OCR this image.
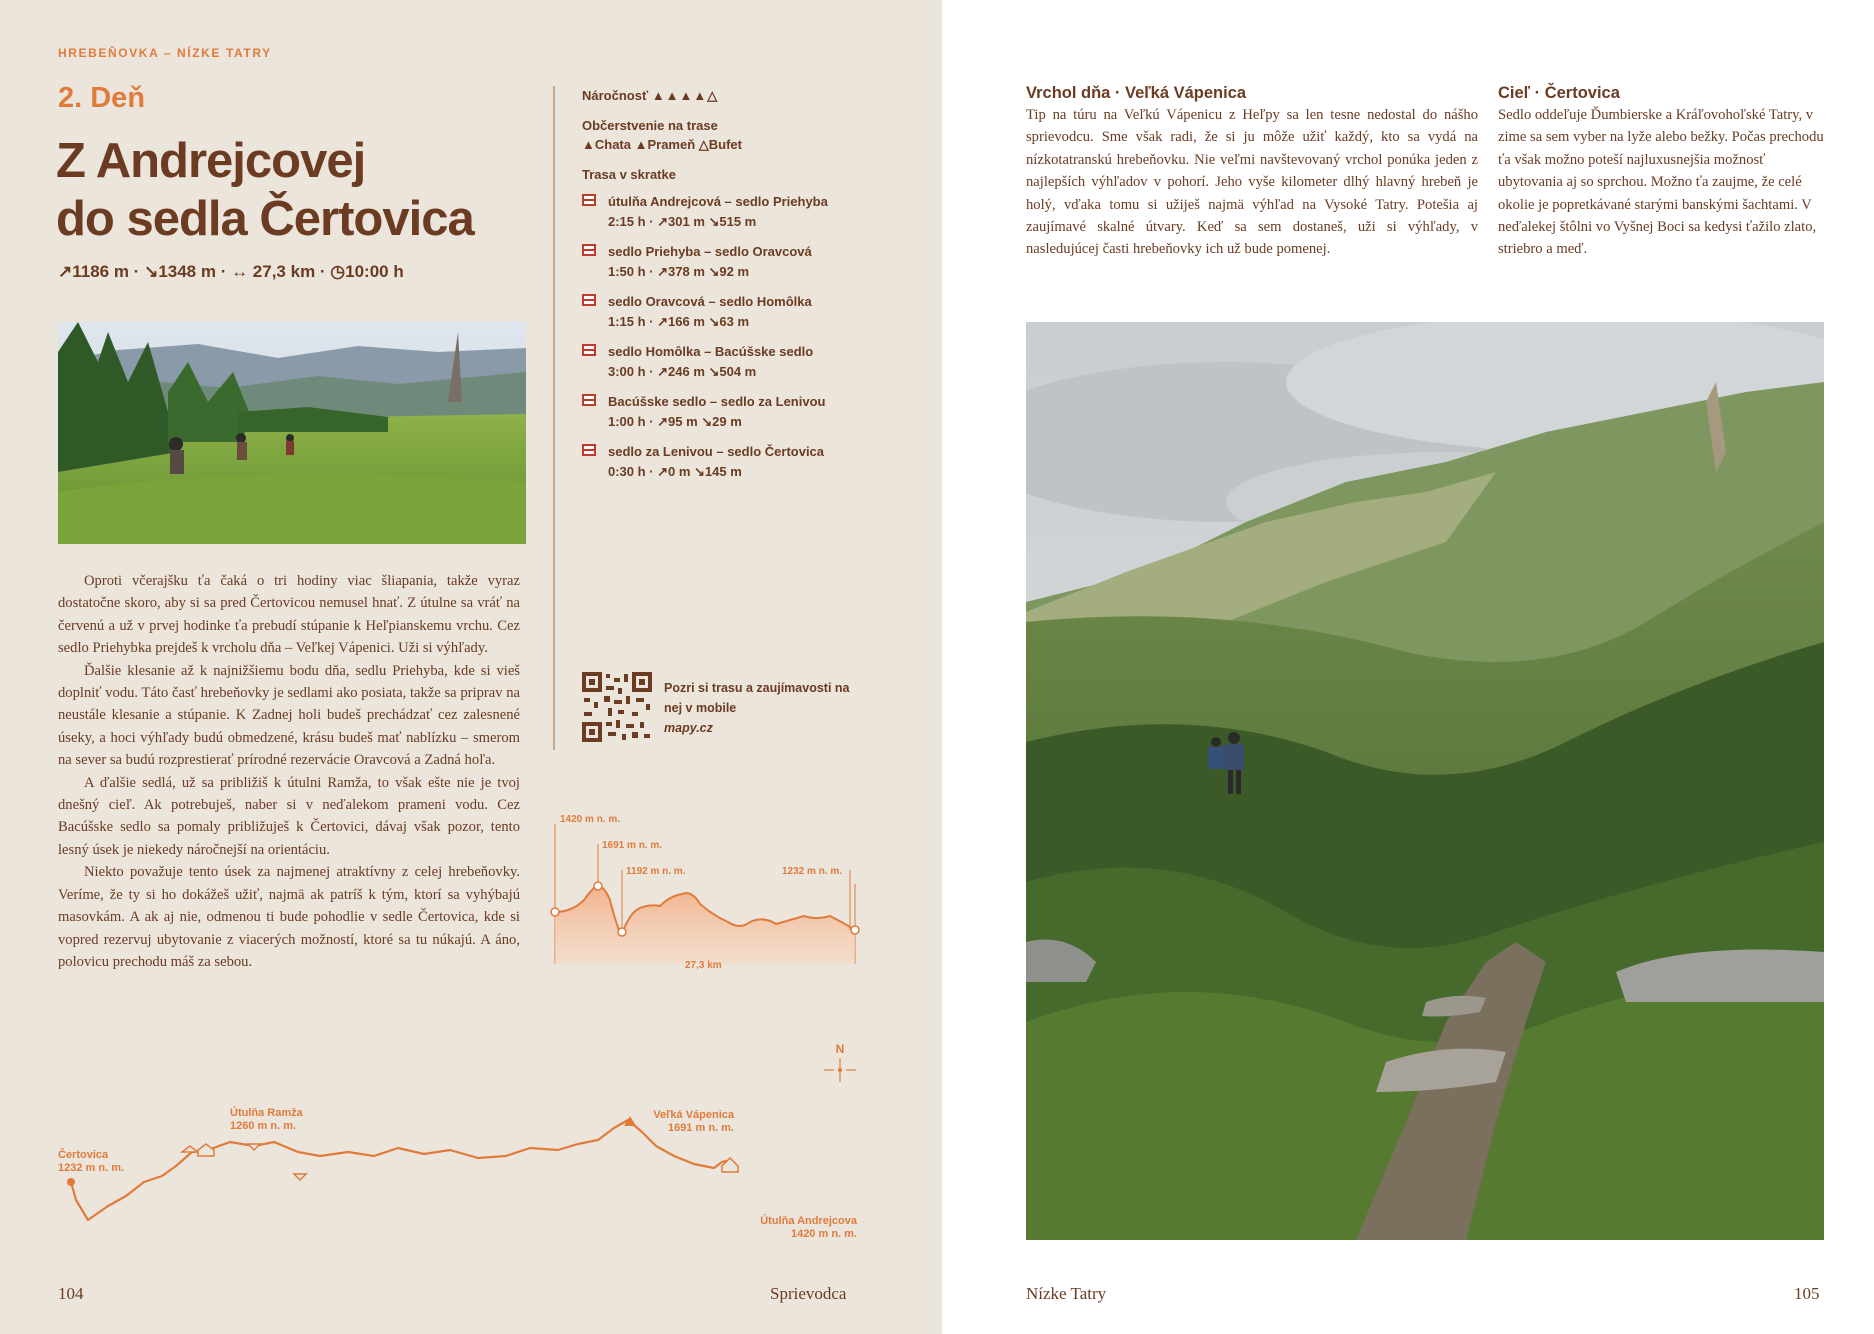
HREBEŇOVKA – NÍZKE TATRY
2. Deň
Z Andrejcovej
do sedla Čertovica
↗1186 m · ↘1348 m · ↔ 27,3 km · ◷10:00 h

Oproti včerajšku ťa čaká o tri hodiny viac šliapania, takže vyraz dostatočne skoro, aby si sa pred Čertovicou nemusel hnať. Z útulne sa vráť na červenú a už v prvej hodinke ťa prebudí stúpanie k Heľpianskemu vrchu. Cez sedlo Priehybka prejdeš k vrcholu dňa – Veľkej Vápenici. Uži si výhľady.

Ďalšie klesanie až k najnižšiemu bodu dňa, sedlu Priehyba, kde si vieš doplniť vodu. Táto časť hrebeňovky je sedlami ako posiata, takže sa priprav na neustále klesanie a stúpanie. K Zadnej holi budeš prechádzať cez zalesnené úseky, a hoci výhľady budú obmedzené, krásu budeš mať nablízku – smerom na sever sa budú rozprestierať prírodné rezervácie Oravcová a Zadná hoľa.

A ďalšie sedlá, už sa približiš k útulni Ramža, to však ešte nie je tvoj dnešný cieľ. Ak potrebuješ, naber si v neďalekom prameni vodu. Cez Bacúšske sedlo sa pomaly približuješ k Čertovici, dávaj však pozor, tento lesný úsek je niekedy náročnejší na orientáciu.

Niekto považuje tento úsek za najmenej atraktívny z celej hrebeňovky. Veríme, že ty si ho dokážeš užiť, najmä ak patríš k tým, ktorí sa vyhýbajú masovkám. A ak aj nie, odmenou ti bude pohodlie v sedle Čertovica, kde si vopred rezervuj ubytovanie z viacerých možností, ktoré sa tu núkajú. A áno, polovicu prechodu máš za sebou.

Náročnosť ▲▲▲▲△
Občerstvenie na trase
▲Chata ▲Prameň △Bufet
Trasa v skratke
útulňa Andrejcová – sedlo Priehyba
2:15 h · ↗301 m ↘515 m
sedlo Priehyba – sedlo Oravcová
1:50 h · ↗378 m ↘92 m
sedlo Oravcová – sedlo Homôlka
1:15 h · ↗166 m ↘63 m
sedlo Homôlka – Bacúšske sedlo
3:00 h · ↗246 m ↘504 m
Bacúšske sedlo – sedlo za Lenivou
1:00 h · ↗95 m ↘29 m
sedlo za Lenivou – sedlo Čertovica
0:30 h · ↗0 m ↘145 m
Pozri si trasu a zaujímavosti na nej v mobile
mapy.cz
1420 m n. m.
1691 m n. m.
1192 m n. m.	1232 m n. m.
27,3 km
Čertovica
1232 m n. m.
Útulňa Ramža
1260 m n. m.
Veľká Vápenica
1691 m n. m.
Útulňa Andrejcova
1420 m n. m.
N
104	Sprievodca
Vrchol dňa · Veľká Vápenica
Tip na túru na Veľkú Vápenicu z Heľpy sa len tesne nedostal do nášho sprievodcu. Sme však radi, že si ju môže užiť každý, kto sa vydá na nízkotatranskú hrebeňovku. Nie veľmi navštevovaný vrchol ponúka jeden z najlepších výhľadov v pohorí. Jeho vyše kilometer dlhý hlavný hrebeň je holý, vďaka tomu si užiješ najmä výhľad na Vysoké Tatry. Potešia aj zaujímavé skalné útvary. Keď sa sem dostaneš, uži si výhľady, v nasledujúcej časti hrebeňovky ich už bude pomenej.
Cieľ · Čertovica
Sedlo oddeľuje Ďumbierske a Kráľovohoľské Tatry, v zime sa sem vyber na lyže alebo bežky. Počas prechodu ťa však možno poteší najluxusnejšia možnosť ubytovania aj so sprchou. Možno ťa zaujme, že celé okolie je popretkávané starými banskými šachtami. V neďalekej štôlni vo Vyšnej Boci sa kedysi ťažilo zlato, striebro a meď.
Nízke Tatry	105
